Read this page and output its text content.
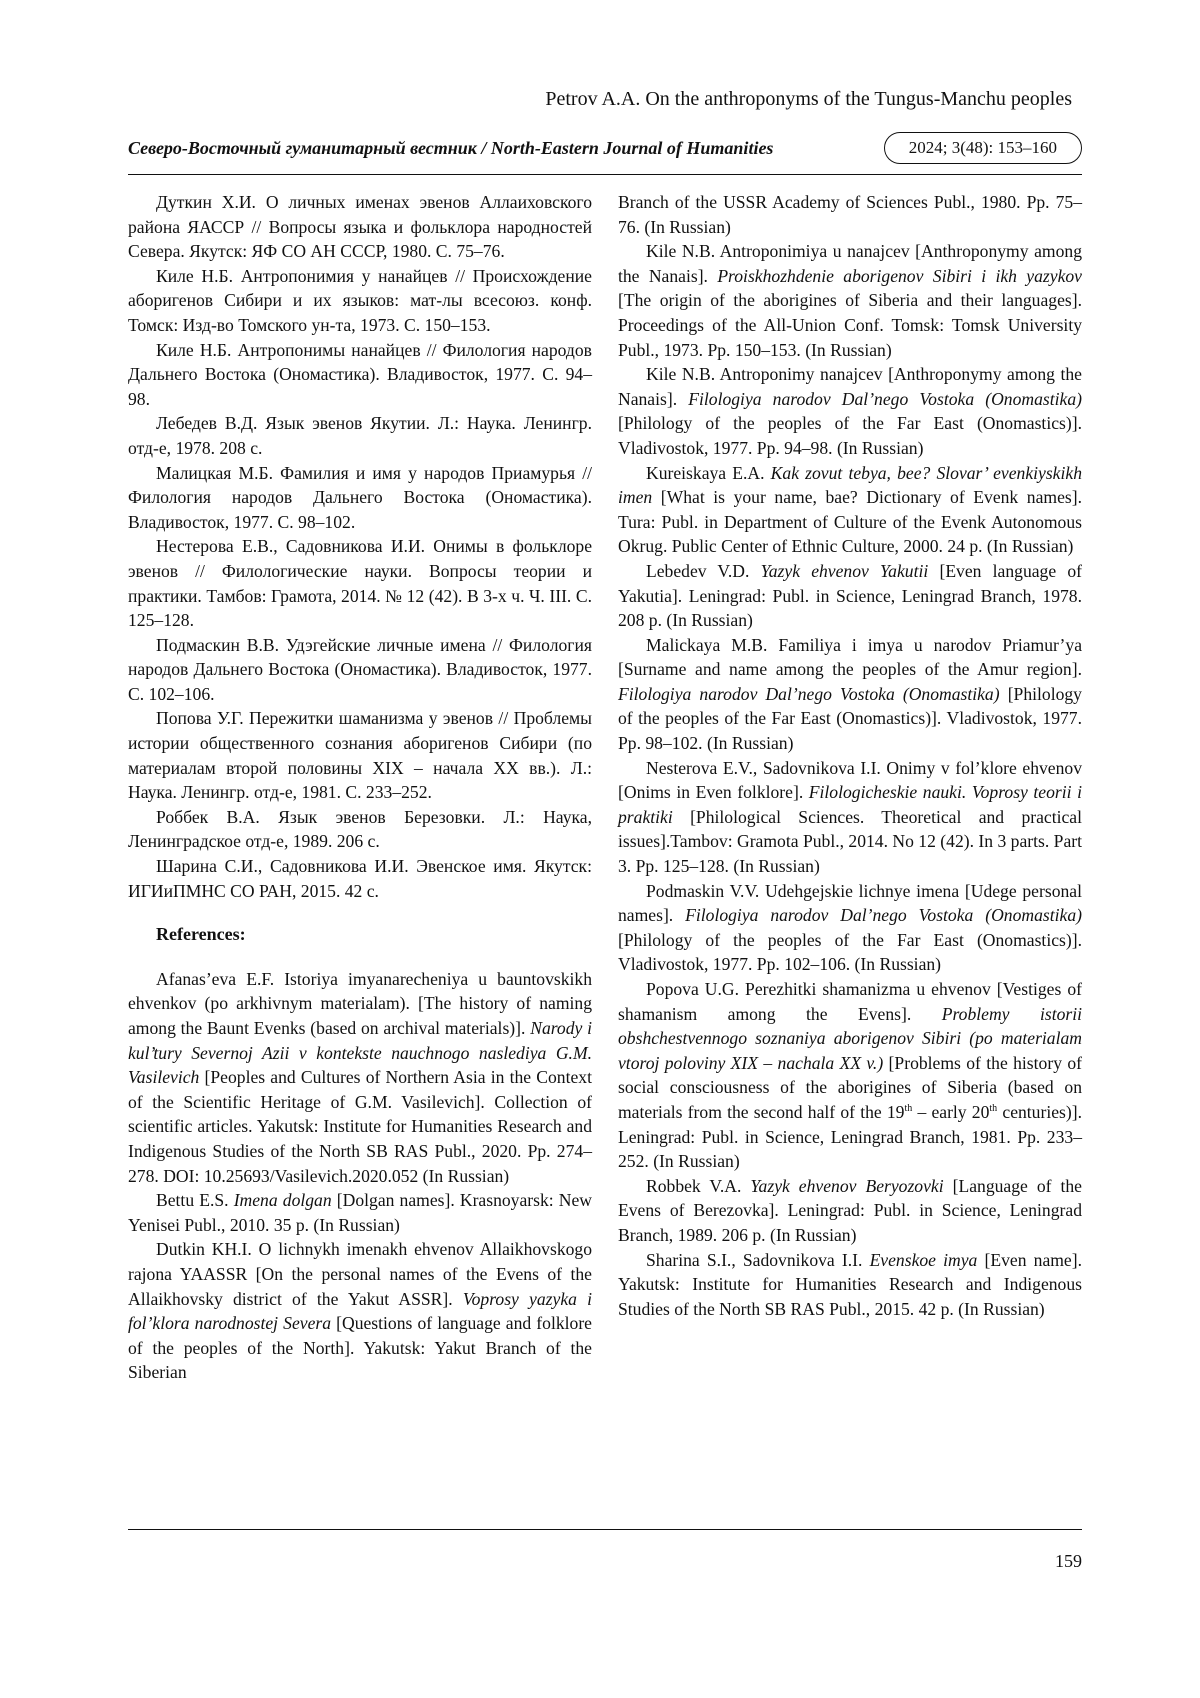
Petrov A.A. On the anthroponyms of the Tungus-Manchu peoples
Северо-Восточный гуманитарный вестник / North-Eastern Journal of Humanities	2024; 3(48): 153–160

Дуткин Х.И. О личных именах эвенов Аллаиховского района ЯАССР // Вопросы языка и фольклора народностей Севера. Якутск: ЯФ СО АН СССР, 1980. С. 75–76.

Киле Н.Б. Антропонимия у нанайцев // Происхождение аборигенов Сибири и их языков: мат-лы всесоюз. конф. Томск: Изд-во Томского ун-та, 1973. С. 150–153.

Киле Н.Б. Антропонимы нанайцев // Филология народов Дальнего Востока (Ономастика). Владивосток, 1977. С. 94–98.

Лебедев В.Д. Язык эвенов Якутии. Л.: Наука. Ленингр. отд-е, 1978. 208 с.

Малицкая М.Б. Фамилия и имя у народов Приамурья // Филология народов Дальнего Востока (Ономастика). Владивосток, 1977. С. 98–102.

Нестерова Е.В., Садовникова И.И. Онимы в фольклоре эвенов // Филологические науки. Вопросы теории и практики. Тамбов: Грамота, 2014. № 12 (42). В 3-х ч. Ч. III. С. 125–128.

Подмаскин В.В. Удэгейские личные имена // Филология народов Дальнего Востока (Ономастика). Владивосток, 1977. С. 102–106.

Попова У.Г. Пережитки шаманизма у эвенов // Проблемы истории общественного сознания аборигенов Сибири (по материалам второй половины XIX – начала XX вв.). Л.: Наука. Ленингр. отд-е, 1981. С. 233–252.

Роббек В.А. Язык эвенов Березовки. Л.: Наука, Ленинградское отд-е, 1989. 206 с.

Шарина С.И., Садовникова И.И. Эвенское имя. Якутск: ИГИиПМНС СО РАН, 2015. 42 с.

References:

Afanas’eva E.F. Istoriya imyanarecheniya u bauntovskikh ehvenkov (po arkhivnym materialam). [The history of naming among the Baunt Evenks (based on archival materials)]. Narody i kul’tury Severnoj Azii v kontekste nauchnogo naslediya G.M. Vasilevich [Peoples and Cultures of Northern Asia in the Context of the Scientific Heritage of G.M. Vasilevich]. Collection of scientific articles. Yakutsk: Institute for Humanities Research and Indigenous Studies of the North SB RAS Publ., 2020. Pp. 274–278. DOI: 10.25693/Vasilevich.2020.052 (In Russian)

Bettu E.S. Imena dolgan [Dolgan names]. Krasnoyarsk: New Yenisei Publ., 2010. 35 p. (In Russian)

Dutkin KH.I. O lichnykh imenakh ehvenov Allaikhovskogo rajona YAASSR [On the personal names of the Evens of the Allaikhovsky district of the Yakut ASSR]. Voprosy yazyka i fol’klora narodnostej Severa [Questions of language and folklore of the peoples of the North]. Yakutsk: Yakut Branch of the Siberian

Branch of the USSR Academy of Sciences Publ., 1980. Pp. 75–76. (In Russian)

Kile N.B. Antroponimiya u nanajcev [Anthroponymy among the Nanais]. Proiskhozhdenie aborigenov Sibiri i ikh yazykov [The origin of the aborigines of Siberia and their languages]. Proceedings of the All-Union Conf. Tomsk: Tomsk University Publ., 1973. Pp. 150–153. (In Russian)

Kile N.B. Antroponimy nanajcev [Anthroponymy among the Nanais]. Filologiya narodov Dal’nego Vostoka (Onomastika) [Philology of the peoples of the Far East (Onomastics)]. Vladivostok, 1977. Pp. 94–98. (In Russian)

Kureiskaya E.A. Kak zovut tebya, bee? Slovar’ evenkiyskikh imen [What is your name, bae? Dictionary of Evenk names]. Tura: Publ. in Department of Culture of the Evenk Autonomous Okrug. Public Center of Ethnic Culture, 2000. 24 p. (In Russian)

Lebedev V.D. Yazyk ehvenov Yakutii [Even language of Yakutia]. Leningrad: Publ. in Science, Leningrad Branch, 1978. 208 p. (In Russian)

Malickaya M.B. Familiya i imya u narodov Priamur’ya [Surname and name among the peoples of the Amur region]. Filologiya narodov Dal’nego Vostoka (Onomastika) [Philology of the peoples of the Far East (Onomastics)]. Vladivostok, 1977. Pp. 98–102. (In Russian)

Nesterova E.V., Sadovnikova I.I. Onimy v fol’klore ehvenov [Onims in Even folklore]. Filologicheskie nauki. Voprosy teorii i praktiki [Philological Sciences. Theoretical and practical issues].Tambov: Gramota Publ., 2014. No 12 (42). In 3 parts. Part 3. Pp. 125–128. (In Russian)

Podmaskin V.V. Udehgejskie lichnye imena [Udege personal names]. Filologiya narodov Dal’nego Vostoka (Onomastika) [Philology of the peoples of the Far East (Onomastics)]. Vladivostok, 1977. Pp. 102–106. (In Russian)

Popova U.G. Perezhitki shamanizma u ehvenov [Vestiges of shamanism among the Evens]. Problemy istorii obshchestvennogo soznaniya aborigenov Sibiri (po materialam vtoroj poloviny XIX – nachala XX v.) [Problems of the history of social consciousness of the aborigines of Siberia (based on materials from the second half of the 19th – early 20th centuries)]. Leningrad: Publ. in Science, Leningrad Branch, 1981. Pp. 233–252. (In Russian)

Robbek V.A. Yazyk ehvenov Beryozovki [Language of the Evens of Berezovka]. Leningrad: Publ. in Science, Leningrad Branch, 1989. 206 p. (In Russian)

Sharina S.I., Sadovnikova I.I. Evenskoe imya [Even name]. Yakutsk: Institute for Humanities Research and Indigenous Studies of the North SB RAS Publ., 2015. 42 p. (In Russian)

159
